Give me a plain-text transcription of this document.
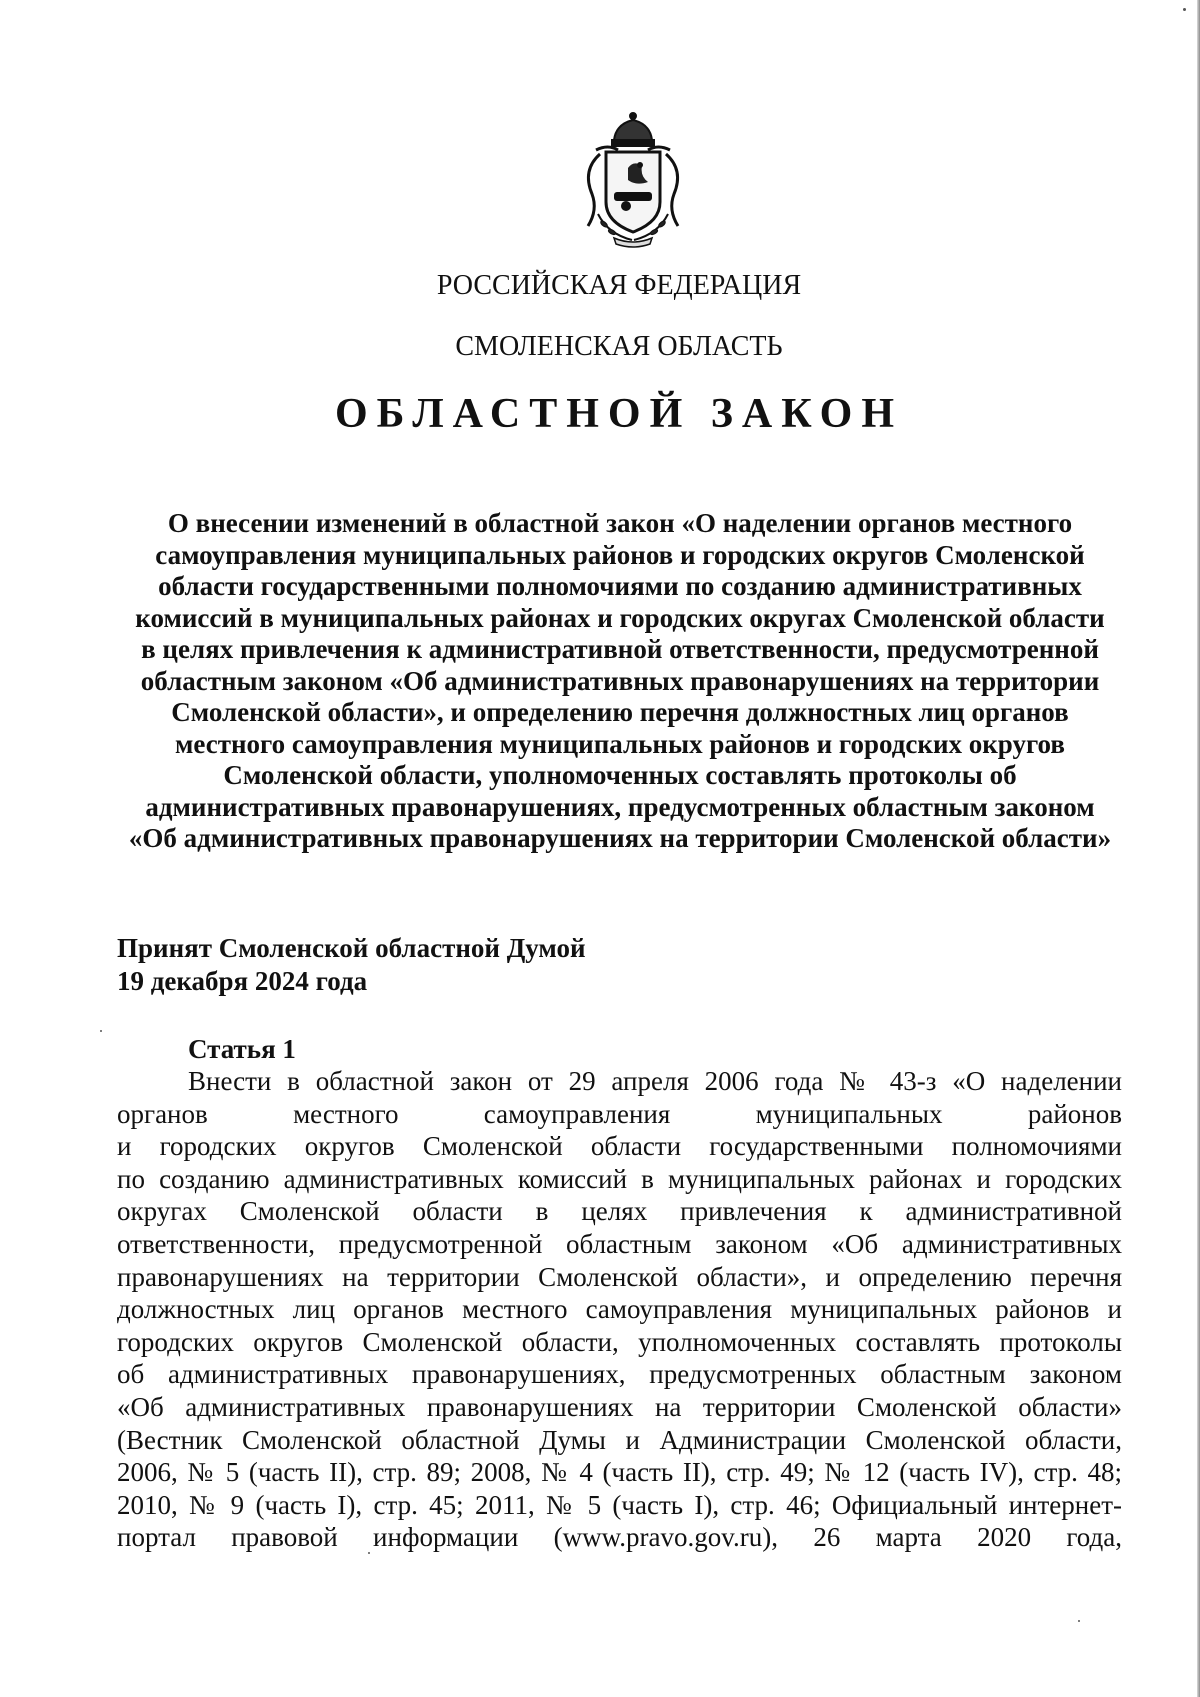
РОССИЙСКАЯ ФЕДЕРАЦИЯ
СМОЛЕНСКАЯ ОБЛАСТЬ
ОБЛАСТНОЙ ЗАКОН
О внесении изменений в областной закон «О наделении органов местного
самоуправления муниципальных районов и городских округов Смоленской
области государственными полномочиями по созданию административных
комиссий в муниципальных районах и городских округах Смоленской области
в целях привлечения к административной ответственности, предусмотренной
областным законом «Об административных правонарушениях на территории
Смоленской области», и определению перечня должностных лиц органов
местного самоуправления муниципальных районов и городских округов
Смоленской области, уполномоченных составлять протоколы об
административных правонарушениях, предусмотренных областным законом
«Об административных правонарушениях на территории Смоленской области»
Принят Смоленской областной Думой
19 декабря 2024 года
Статья 1
Внести в областной закон от 29 апреля 2006 года № 43-з «О наделении
органов местного самоуправления муниципальных районов
и городских округов Смоленской области государственными полномочиями
по созданию административных комиссий в муниципальных районах и городских
округах Смоленской области в целях привлечения к административной
ответственности, предусмотренной областным законом «Об административных
правонарушениях на территории Смоленской области», и определению перечня
должностных лиц органов местного самоуправления муниципальных районов и
городских округов Смоленской области, уполномоченных составлять протоколы
об административных правонарушениях, предусмотренных областным законом
«Об административных правонарушениях на территории Смоленской области»
(Вестник Смоленской областной Думы и Администрации Смоленской области,
2006, № 5 (часть II), стр. 89; 2008, № 4 (часть II), стр. 49; № 12 (часть IV), стр. 48;
2010, № 9 (часть I), стр. 45; 2011, № 5 (часть I), стр. 46; Официальный интернет-
портал правовой информации (www.pravo.gov.ru), 26 марта 2020 года,
